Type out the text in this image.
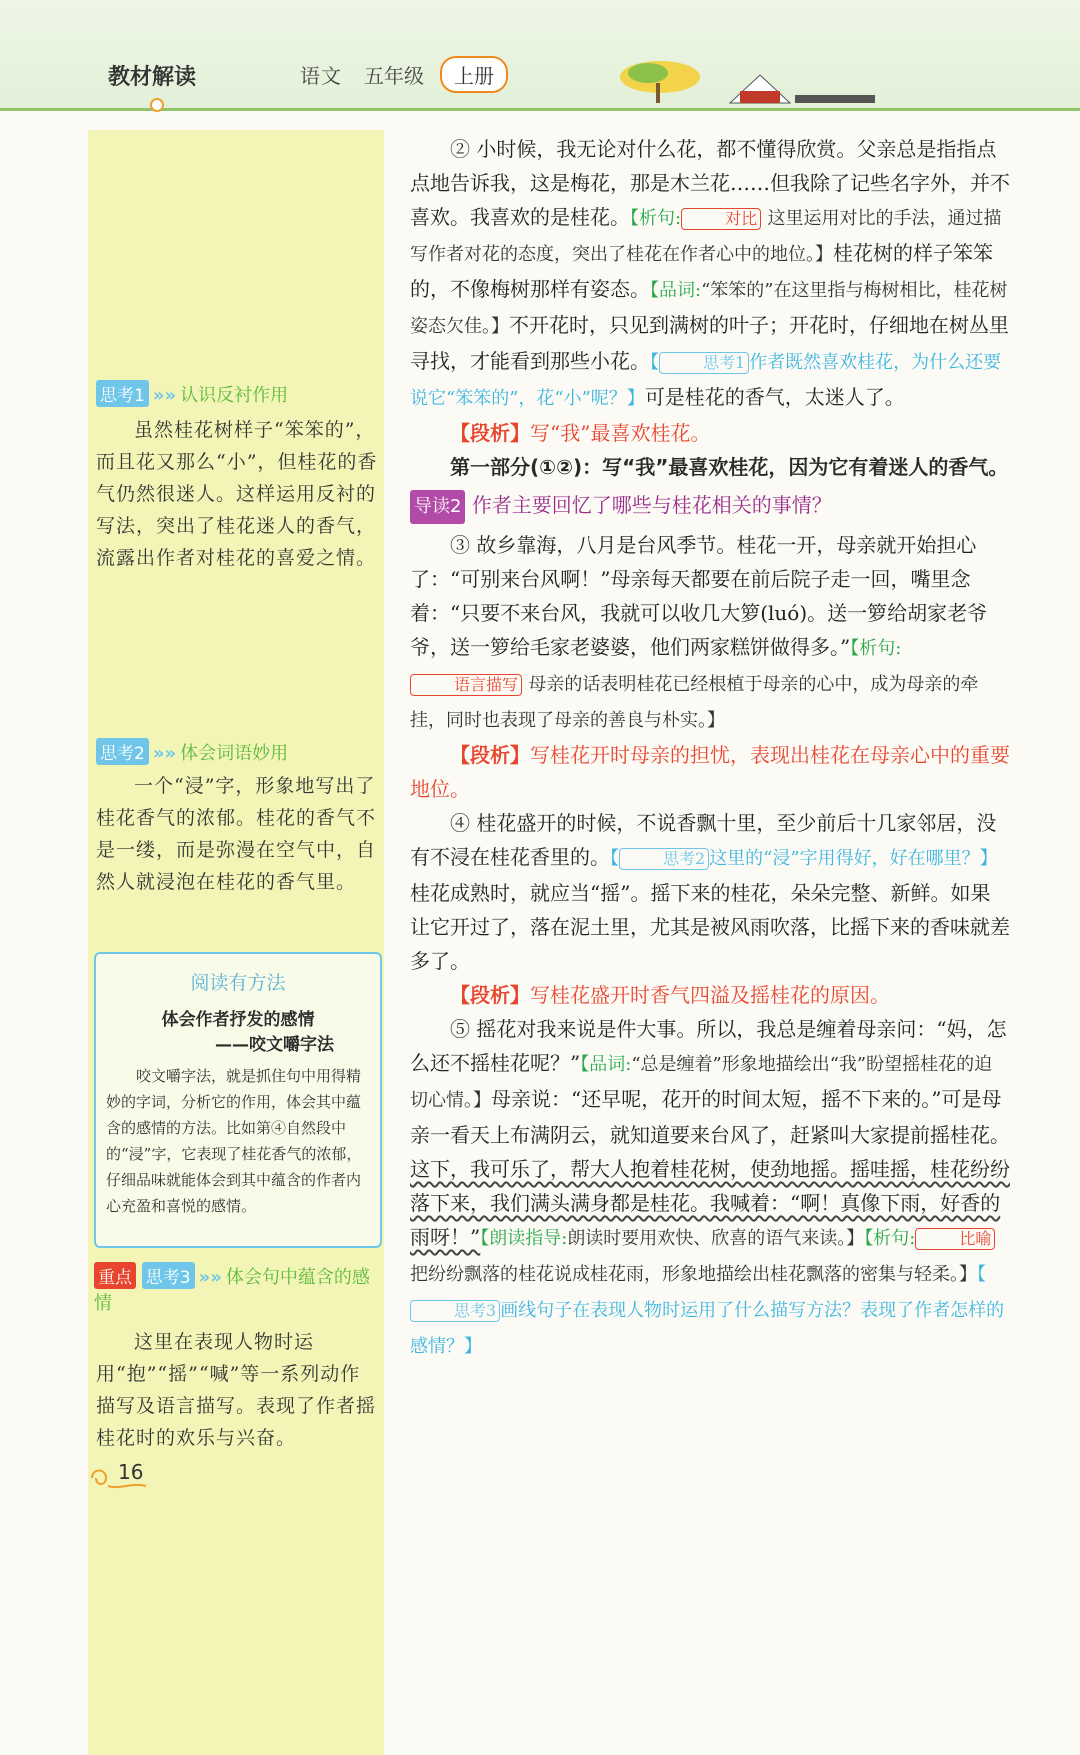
教材解读	语文 五年级	上册
思考1 »» 认识反衬作用
虽然桂花树样子“笨笨的”，而且花又那么“小”，但桂花的香气仍然很迷人。这样运用反衬的写法，突出了桂花迷人的香气，流露出作者对桂花的喜爱之情。
思考2 »» 体会词语妙用
一个“浸”字，形象地写出了桂花香气的浓郁。桂花的香气不是一缕，而是弥漫在空气中，自然人就浸泡在桂花的香气里。
阅读有方法
体会作者抒发的感情
——咬文嚼字法
咬文嚼字法，就是抓住句中用得精妙的字词，分析它的作用，体会其中蕴含的感情的方法。比如第④自然段中的“浸”字，它表现了桂花香气的浓郁，仔细品味就能体会到其中蕴含的作者内心充盈和喜悦的感情。
重点 思考3 »» 体会句中蕴含的感情
这里在表现人物时运用“抱”“摇”“喊”等一系列动作描写及语言描写。表现了作者摇桂花时的欢乐与兴奋。

② 小时候，我无论对什么花，都不懂得欣赏。父亲总是指指点点地告诉我，这是梅花，那是木兰花……但我除了记些名字外，并不喜欢。我喜欢的是桂花。【析句:	对比 这里运用对比的手法，通过描写作者对花的态度，突出了桂花在作者心中的地位。】桂花树的样子笨笨的，不像梅树那样有姿态。【品词:“笨笨的”在这里指与梅树相比，桂花树姿态欠佳。】不开花时，只见到满树的叶子；开花时，仔细地在树丛里寻找，才能看到那些小花。【	思考1 作者既然喜欢桂花，为什么还要说它“笨笨的”，花“小”呢？】可是桂花的香气，太迷人了。

【段析】写“我”最喜欢桂花。

第一部分(①②)：写“我”最喜欢桂花，因为它有着迷人的香气。

导读2 作者主要回忆了哪些与桂花相关的事情？

③ 故乡靠海，八月是台风季节。桂花一开，母亲就开始担心了：“可别来台风啊！”母亲每天都要在前后院子走一回，嘴里念着：“只要不来台风，我就可以收几大箩(luó)。送一箩给胡家老爷爷，送一箩给毛家老婆婆，他们两家糕饼做得多。”【析句:语言描写 母亲的话表明桂花已经根植于母亲的心中，成为母亲的牵挂，同时也表现了母亲的善良与朴实。】

【段析】写桂花开时母亲的担忧，表现出桂花在母亲心中的重要地位。

④ 桂花盛开的时候，不说香飘十里，至少前后十几家邻居，没有不浸在桂花香里的。【	思考2 这里的“浸”字用得好，好在哪里？】桂花成熟时，就应当“摇”。摇下来的桂花，朵朵完整、新鲜。如果让它开过了，落在泥土里，尤其是被风雨吹落，比摇下来的香味就差多了。

【段析】写桂花盛开时香气四溢及摇桂花的原因。

⑤ 摇花对我来说是件大事。所以，我总是缠着母亲问：“妈，怎么还不摇桂花呢？”【品词:“总是缠着”形象地描绘出“我”盼望摇桂花的迫切心情。】母亲说：“还早呢，花开的时间太短，摇不下来的。”可是母亲一看天上布满阴云，就知道要来台风了，赶紧叫大家提前摇桂花。这下，我可乐了，帮大人抱着桂花树，使劲地摇。摇哇摇，桂花纷纷落下来，我们满头满身都是桂花。我喊着：“啊！真像下雨，好香的雨呀！”【朗读指导:朗读时要用欢快、欣喜的语气来读。】【析句:	比喻 把纷纷飘落的桂花说成桂花雨，形象地描绘出桂花飘落的密集与轻柔。】【思考3 画线句子在表现人物时运用了什么描写方法？表现了作者怎样的感情？】

16
